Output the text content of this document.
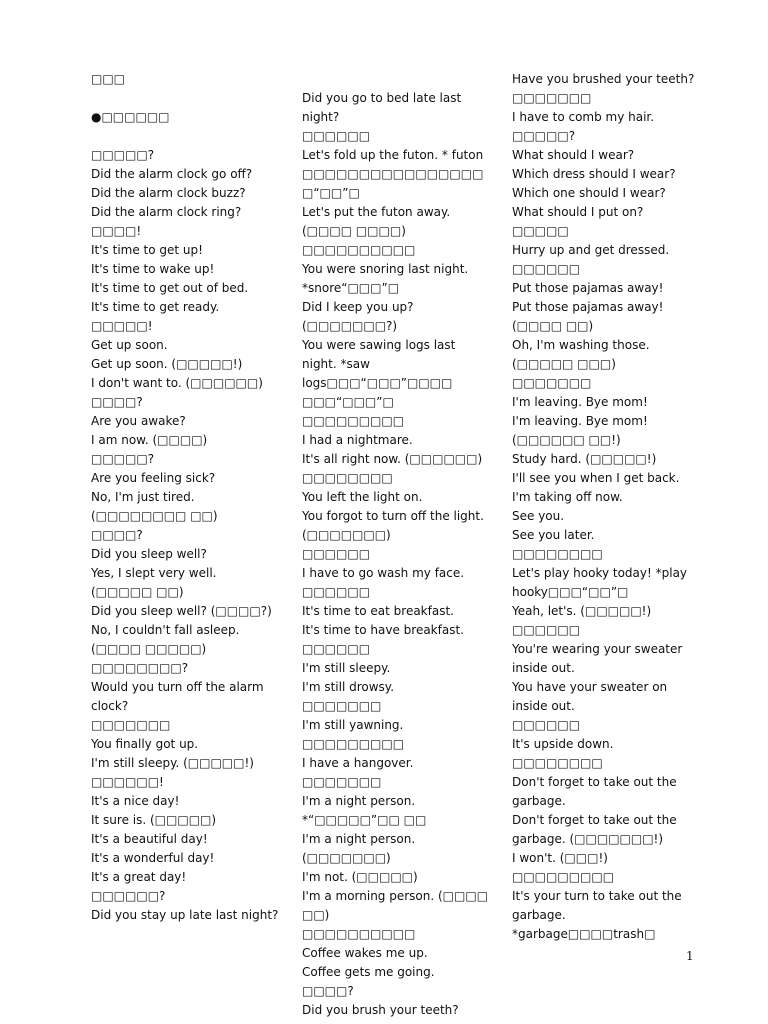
□□□
●□□□□□□
□□□□□?
Did the alarm clock go off?
Did the alarm clock buzz?
Did the alarm clock ring?
□□□□!
It's time to get up!
It's time to wake up!
It's time to get out of bed.
It's time to get ready.
□□□□□!
Get up soon.
Get up soon. (□□□□□!)
I don't want to. (□□□□□□)
□□□□?
Are you awake?
I am now. (□□□□)
□□□□□?
Are you feeling sick?
No, I'm just tired. (□□□□□□□□ □□)
□□□□?
Did you sleep well?
Yes, I slept very well. (□□□□□ □□)
Did you sleep well? (□□□□?)
No, I couldn't fall asleep. (□□□□ □□□□□)
□□□□□□□□?
Would you turn off the alarm clock?
□□□□□□□
You finally got up.
I'm still sleepy. (□□□□□!)
□□□□□□!
It's a nice day!
It sure is. (□□□□□)
It's a beautiful day!
It's a wonderful day!
It's a great day!
□□□□□□?
Did you stay up late last night?
Did you go to bed late last night?
□□□□□□
Let's fold up the futon. * futon □□□□□□□□□□□□□□□□□“□□”□
Let's put the futon away. (□□□□ □□□□)
□□□□□□□□□□
You were snoring last night. *snore“□□□”□
Did I keep you up? (□□□□□□□?)
You were sawing logs last night. *saw logs□□□“□□□”□□□□ □□□“□□□”□
□□□□□□□□□
I had a nightmare.
It's all right now. (□□□□□□)
□□□□□□□□
You left the light on.
You forgot to turn off the light. (□□□□□□□)
□□□□□□
I have to go wash my face.
□□□□□□
It's time to eat breakfast.
It's time to have breakfast.
□□□□□□
I'm still sleepy.
I'm still drowsy.
□□□□□□□
I'm still yawning.
□□□□□□□□□
I have a hangover.
□□□□□□□
I'm a night person. *“□□□□□”□□ □□
I'm a night person. (□□□□□□□)
I'm not. (□□□□□)
I'm a morning person. (□□□□ □□)
□□□□□□□□□□
Coffee wakes me up.
Coffee gets me going.
□□□□?
Did you brush your teeth?
Have you brushed your teeth?
□□□□□□□
I have to comb my hair.
□□□□□?
What should I wear?
Which dress should I wear?
Which one should I wear?
What should I put on?
□□□□□
Hurry up and get dressed.
□□□□□□
Put those pajamas away!
Put those pajamas away! (□□□□ □□)
Oh, I'm washing those. (□□□□□ □□□)
□□□□□□□
I'm leaving. Bye mom!
I'm leaving. Bye mom! (□□□□□□ □□!)
Study hard. (□□□□□!)
I'll see you when I get back.
I'm taking off now.
See you.
See you later.
□□□□□□□□
Let's play hooky today! *play hooky□□□“□□”□
Yeah, let's. (□□□□□!)
□□□□□□
You're wearing your sweater inside out.
You have your sweater on inside out.
□□□□□□
It's upside down.
□□□□□□□□
Don't forget to take out the garbage.
Don't forget to take out the garbage. (□□□□□□□!)
I won't. (□□□!)
□□□□□□□□□
It's your turn to take out the garbage. *garbage□□□□trash□
1
